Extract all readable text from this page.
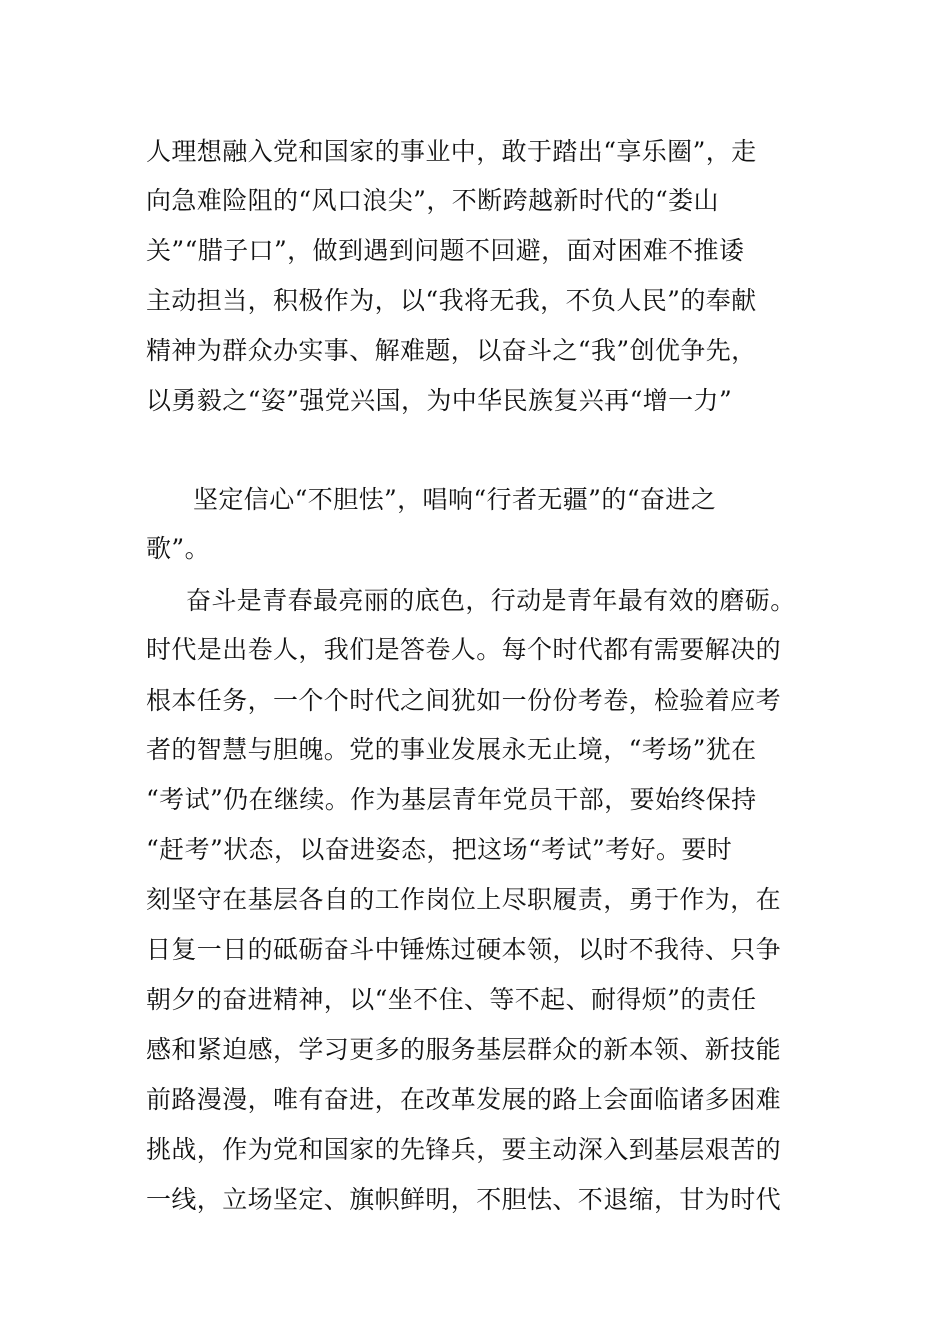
人理想融入党和国家的事业中，敢于踏出“享乐圈”，走
向急难险阻的“风口浪尖”，不断跨越新时代的“娄山
关”“腊子口”，做到遇到问题不回避，面对困难不推诿
主动担当，积极作为，以“我将无我，不负人民”的奉献
精神为群众办实事、解难题，以奋斗之“我”创优争先，
以勇毅之“姿”强党兴国，为中华民族复兴再“增一力”
坚定信心“不胆怯”，唱响“行者无疆”的“奋进之
歌”。
奋斗是青春最亮丽的底色，行动是青年最有效的磨砺。
时代是出卷人，我们是答卷人。每个时代都有需要解决的
根本任务，一个个时代之间犹如一份份考卷，检验着应考
者的智慧与胆魄。党的事业发展永无止境，“考场”犹在
“考试”仍在继续。作为基层青年党员干部，要始终保持
“赶考”状态，以奋进姿态，把这场“考试”考好。要时
刻坚守在基层各自的工作岗位上尽职履责，勇于作为，在
日复一日的砥砺奋斗中锤炼过硬本领，以时不我待、只争
朝夕的奋进精神，以“坐不住、等不起、耐得烦”的责任
感和紧迫感，学习更多的服务基层群众的新本领、新技能
前路漫漫，唯有奋进，在改革发展的路上会面临诸多困难
挑战，作为党和国家的先锋兵，要主动深入到基层艰苦的
一线，立场坚定、旗帜鲜明，不胆怯、不退缩，甘为时代
